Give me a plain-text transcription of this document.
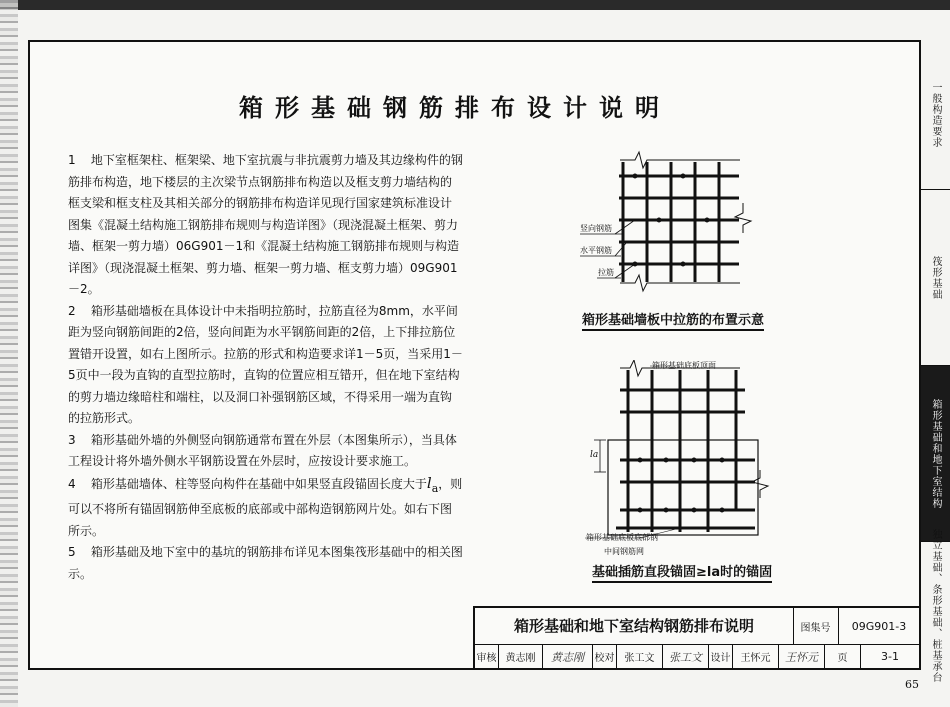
箱形基础钢筋排布设计说明

1 地下室框架柱、框架梁、地下室抗震与非抗震剪力墙及其边缘构件的钢筋排布构造，地下楼层的主次梁节点钢筋排布构造以及框支剪力墙结构的框支梁和框支柱及其相关部分的钢筋排布构造详见现行国家建筑标准设计图集《混凝土结构施工钢筋排布规则与构造详图》（现浇混凝土框架、剪力墙、框架一剪力墙）06G901－1和《混凝土结构施工钢筋排布规则与构造详图》（现浇混凝土框架、剪力墙、框架一剪力墙、框支剪力墙）09G901－2。

2 箱形基础墙板在具体设计中未指明拉筋时，拉筋直径为8mm，水平间距为竖向钢筋间距的2倍，竖向间距为水平钢筋间距的2倍，上下排拉筋位置错开设置，如右上图所示。拉筋的形式和构造要求详1－5页，当采用1－5页中一段为直钩的直型拉筋时，直钩的位置应相互错开，但在地下室结构的剪力墙边缘暗柱和端柱，以及洞口补强钢筋区域，不得采用一端为直钩的拉筋形式。

3 箱形基础外墙的外侧竖向钢筋通常布置在外层（本图集所示），当具体工程设计将外墙外侧水平钢筋设置在外层时，应按设计要求施工。

4 箱形基础墙体、柱等竖向构件在基础中如果竖直段锚固长度大于$l_a$，则可以不将所有锚固钢筋伸至底板的底部或中部构造钢筋网片处。如右下图所示。

5 箱形基础及地下室中的基坑的钢筋排布详见本图集筏形基础中的相关图示。

竖向钢筋
水平钢筋
拉筋
箱形基础墙板中拉筋的布置示意
箱形基础底板顶面
la
箱形基础底板底部钢
中间钢筋网
基础插筋直段锚固≥la时的锚固
一般构造要求
筏形基础
箱形基础和地下室结构
独立基础、条形基础、桩基承台
箱形基础和地下室结构钢筋排布说明	图集号	09G901-3
审核 黄志刚	黄志刚	校对	张工文	张工文 设计	王怀元	王怀元	页	3-1
65
